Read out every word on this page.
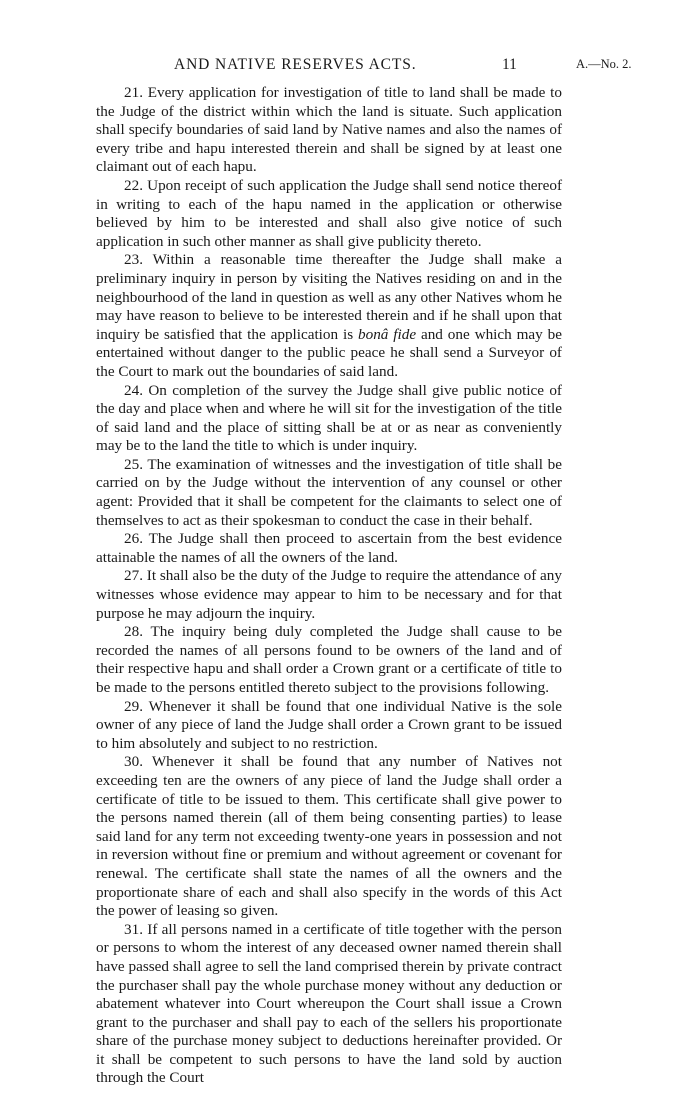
AND NATIVE RESERVES ACTS.	11	A.—No. 2.

21. Every application for investigation of title to land shall be made to the Judge of the district within which the land is situate. Such application shall specify boundaries of said land by Native names and also the names of every tribe and hapu interested therein and shall be signed by at least one claimant out of each hapu.

22. Upon receipt of such application the Judge shall send notice thereof in writing to each of the hapu named in the application or otherwise believed by him to be interested and shall also give notice of such application in such other manner as shall give publicity thereto.

23. Within a reasonable time thereafter the Judge shall make a preliminary inquiry in person by visiting the Natives residing on and in the neighbourhood of the land in question as well as any other Natives whom he may have reason to believe to be interested therein and if he shall upon that inquiry be satisfied that the application is bonâ fide and one which may be entertained without danger to the public peace he shall send a Surveyor of the Court to mark out the boundaries of said land.

24. On completion of the survey the Judge shall give public notice of the day and place when and where he will sit for the investigation of the title of said land and the place of sitting shall be at or as near as conveniently may be to the land the title to which is under inquiry.

25. The examination of witnesses and the investigation of title shall be carried on by the Judge without the intervention of any counsel or other agent: Provided that it shall be competent for the claimants to select one of themselves to act as their spokesman to conduct the case in their behalf.

26. The Judge shall then proceed to ascertain from the best evidence attainable the names of all the owners of the land.

27. It shall also be the duty of the Judge to require the attendance of any witnesses whose evidence may appear to him to be necessary and for that purpose he may adjourn the inquiry.

28. The inquiry being duly completed the Judge shall cause to be recorded the names of all persons found to be owners of the land and of their respective hapu and shall order a Crown grant or a certificate of title to be made to the persons entitled thereto subject to the provisions following.

29. Whenever it shall be found that one individual Native is the sole owner of any piece of land the Judge shall order a Crown grant to be issued to him absolutely and subject to no restriction.

30. Whenever it shall be found that any number of Natives not exceeding ten are the owners of any piece of land the Judge shall order a certificate of title to be issued to them. This certificate shall give power to the persons named therein (all of them being consenting parties) to lease said land for any term not exceeding twenty-one years in possession and not in reversion without fine or premium and without agreement or covenant for renewal. The certificate shall state the names of all the owners and the proportionate share of each and shall also specify in the words of this Act the power of leasing so given.

31. If all persons named in a certificate of title together with the person or persons to whom the interest of any deceased owner named therein shall have passed shall agree to sell the land comprised therein by private contract the purchaser shall pay the whole purchase money without any deduction or abatement whatever into Court whereupon the Court shall issue a Crown grant to the purchaser and shall pay to each of the sellers his proportionate share of the purchase money subject to deductions hereinafter provided. Or it shall be competent to such persons to have the land sold by auction through the Court
